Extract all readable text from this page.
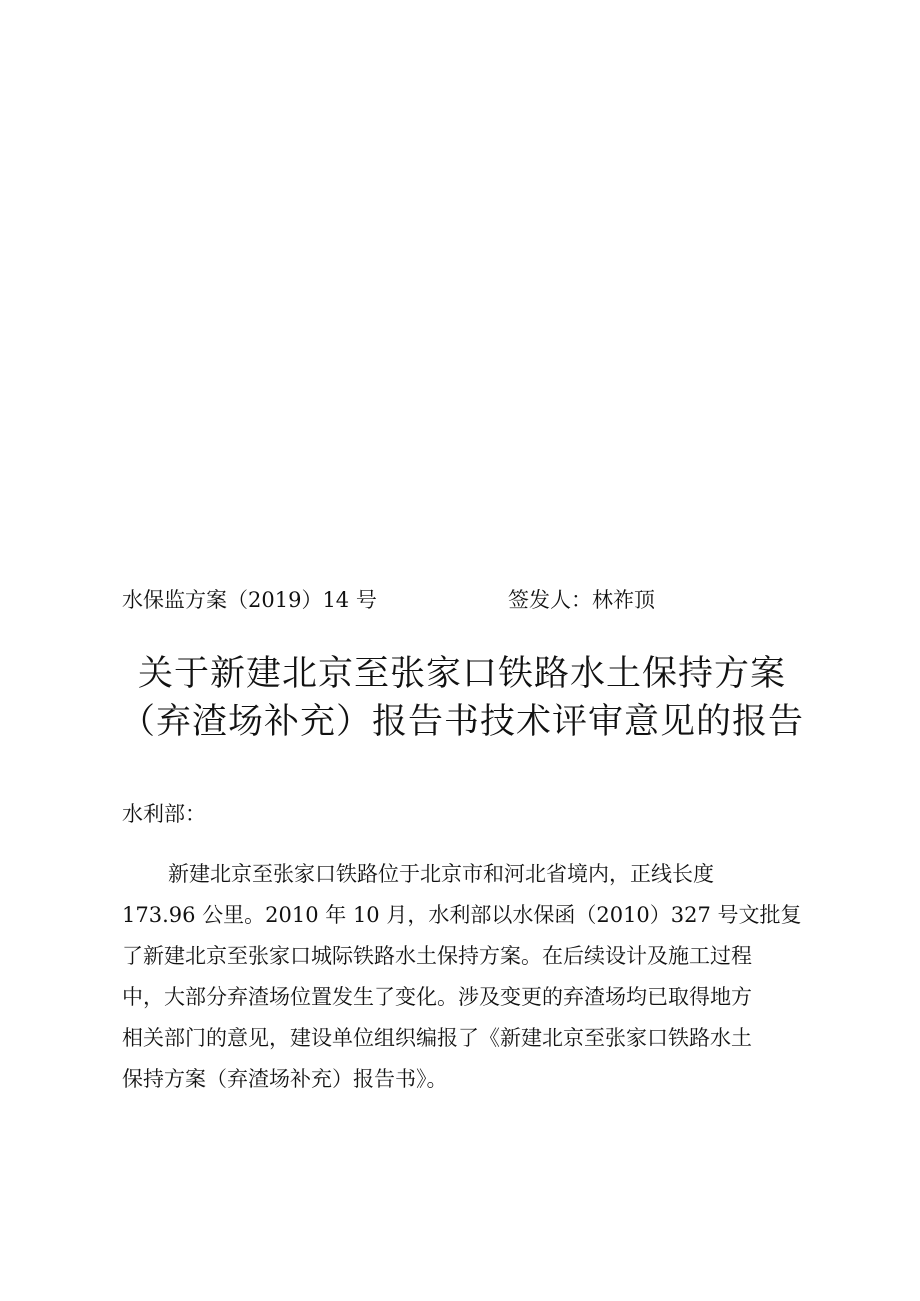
水保监方案（2019）14 号	签发人：林祚顶
关于新建北京至张家口铁路水土保持方案
（弃渣场补充）报告书技术评审意见的报告
水利部：
新建北京至张家口铁路位于北京市和河北省境内，正线长度
173.96 公里。2010 年 10 月，水利部以水保函（2010）327 号文批复
了新建北京至张家口城际铁路水土保持方案。在后续设计及施工过程
中，大部分弃渣场位置发生了变化。涉及变更的弃渣场均已取得地方
相关部门的意见，建设单位组织编报了《新建北京至张家口铁路水土
保持方案（弃渣场补充）报告书》。
